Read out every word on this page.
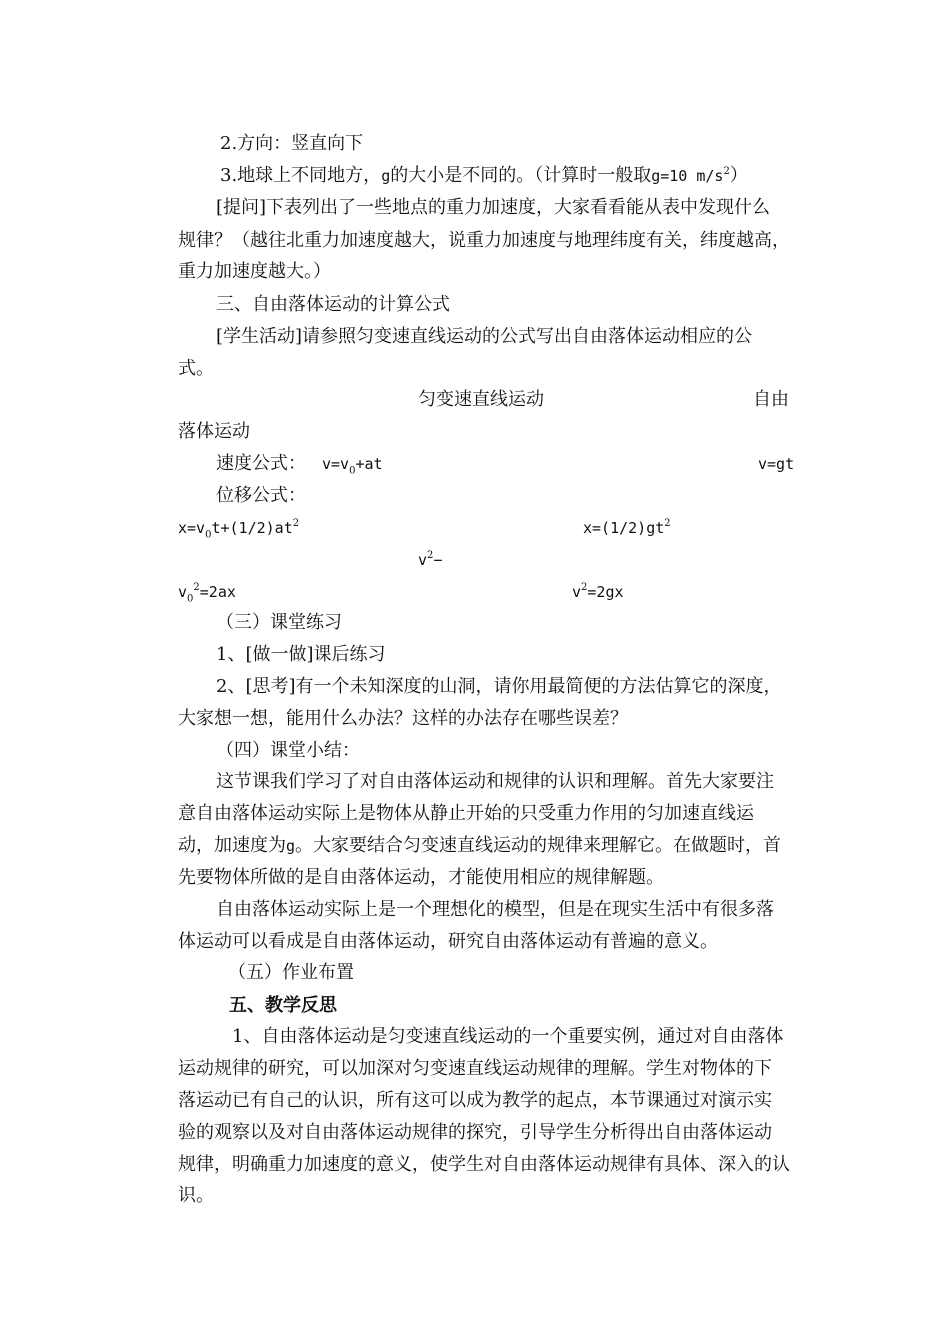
2.方向：竖直向下
3.地球上不同地方，g的大小是不同的。（计算时一般取g=10 $m/s^2$）
[提问]下表列出了一些地点的重力加速度，大家看看能从表中发现什么
规律？（越往北重力加速度越大，说重力加速度与地理纬度有关，纬度越高，
重力加速度越大。）
三、自由落体运动的计算公式
[学生活动]请参照匀变速直线运动的公式写出自由落体运动相应的公
式。
匀变速直线运动	自由
落体运动
速度公式： $v=v_0+at$	v=gt
位移公式：
$x=v_0t+(1/2)at^2$	$x=(1/2)gt^2$
$v^2-$
$v_0^2=2ax$	$v^2=2gx$
（三）课堂练习
1、[做一做]课后练习
2、[思考]有一个未知深度的山洞，请你用最简便的方法估算它的深度，
大家想一想，能用什么办法？这样的办法存在哪些误差？
（四）课堂小结：
这节课我们学习了对自由落体运动和规律的认识和理解。首先大家要注
意自由落体运动实际上是物体从静止开始的只受重力作用的匀加速直线运
动，加速度为g。大家要结合匀变速直线运动的规律来理解它。在做题时，首
先要物体所做的是自由落体运动，才能使用相应的规律解题。
自由落体运动实际上是一个理想化的模型，但是在现实生活中有很多落
体运动可以看成是自由落体运动，研究自由落体运动有普遍的意义。
（五）作业布置
五、教学反思
1、自由落体运动是匀变速直线运动的一个重要实例，通过对自由落体
运动规律的研究，可以加深对匀变速直线运动规律的理解。学生对物体的下
落运动已有自己的认识，所有这可以成为教学的起点，本节课通过对演示实
验的观察以及对自由落体运动规律的探究，引导学生分析得出自由落体运动
规律，明确重力加速度的意义，使学生对自由落体运动规律有具体、深入的认
识。
